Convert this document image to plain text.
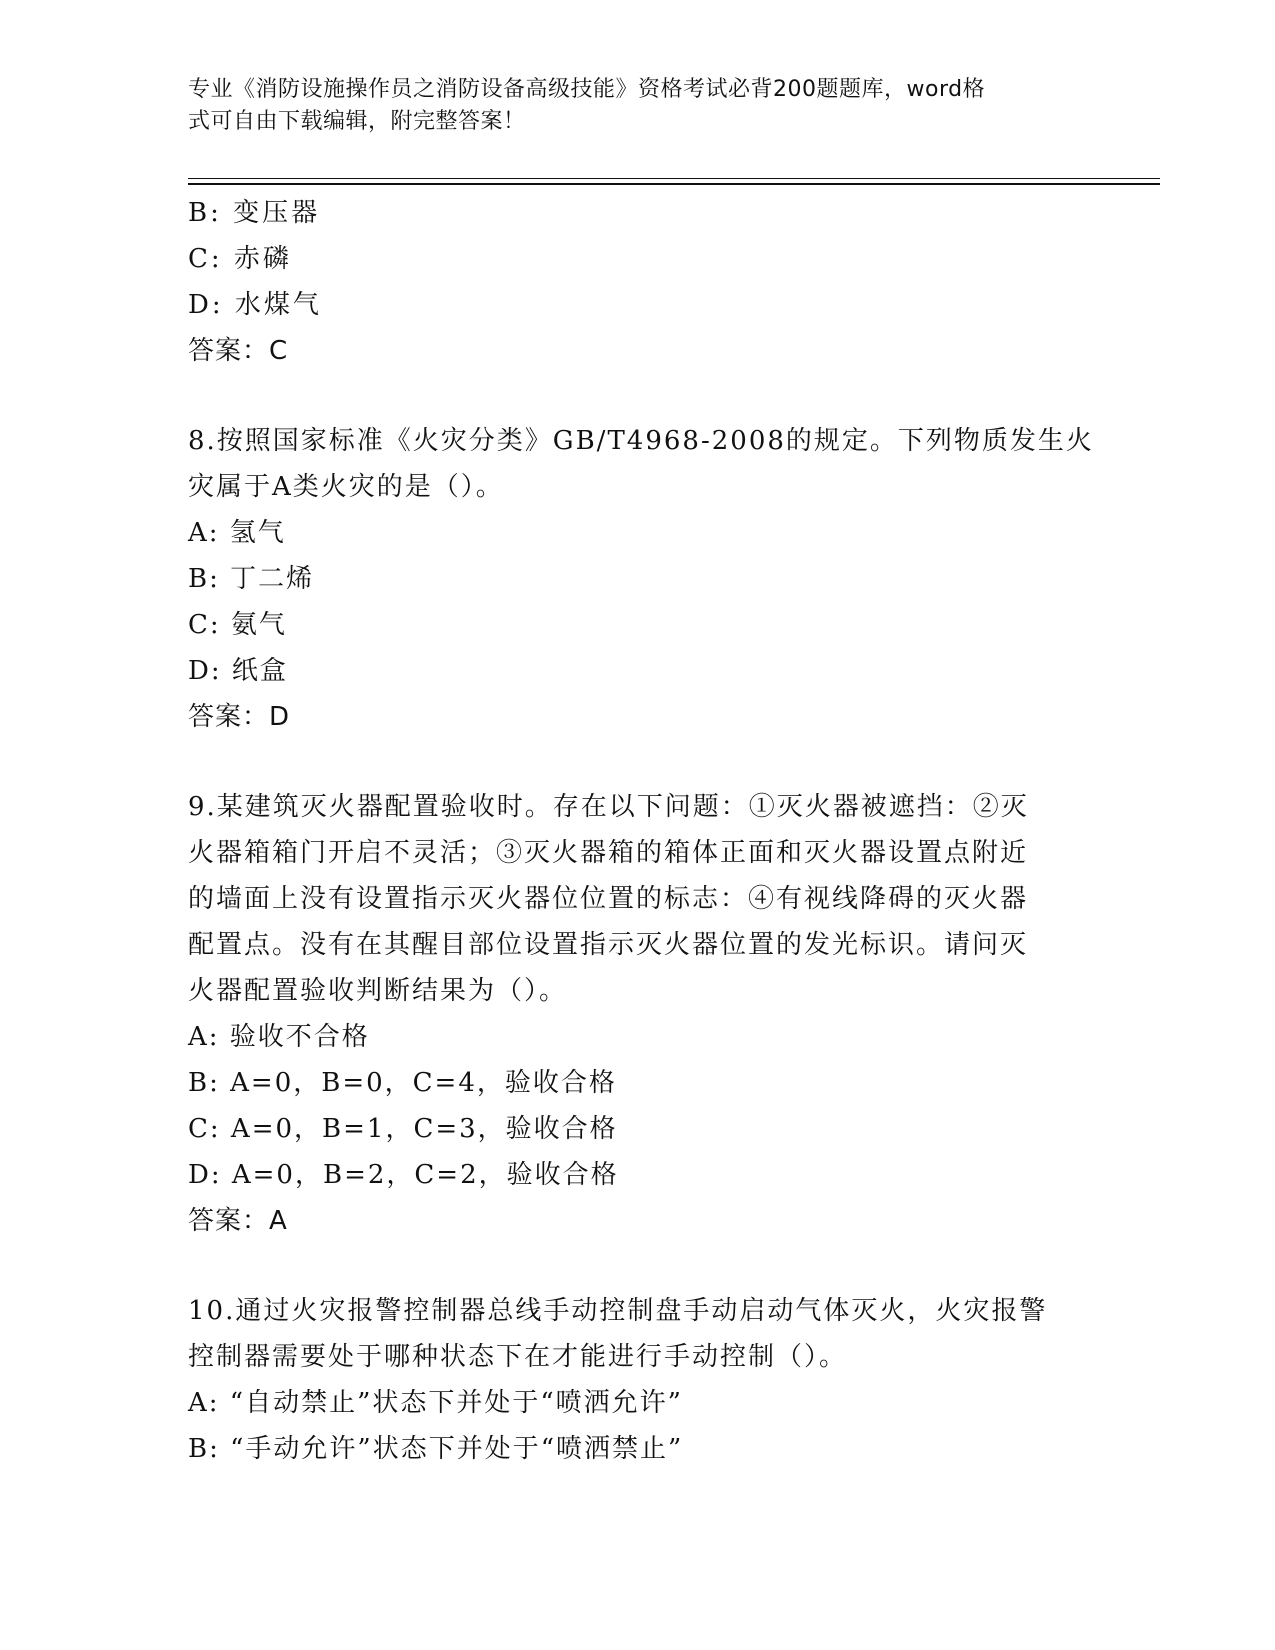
专业《消防设施操作员之消防设备高级技能》资格考试必背200题题库，word格
式可自由下载编辑，附完整答案！
B: 变压器
C: 赤磷
D: 水煤气
答案：C
8.按照国家标准《火灾分类》GB/T4968-2008的规定。下列物质发生火
灾属于A类火灾的是（）。
A: 氢气
B: 丁二烯
C: 氨气
D: 纸盒
答案：D
9.某建筑灭火器配置验收时。存在以下问题：①灭火器被遮挡：②灭
火器箱箱门开启不灵活；③灭火器箱的箱体正面和灭火器设置点附近
的墙面上没有设置指示灭火器位位置的标志：④有视线降碍的灭火器
配置点。没有在其醒目部位设置指示灭火器位置的发光标识。请问灭
火器配置验收判断结果为（）。
A: 验收不合格
B: A=0，B=0，C=4，验收合格
C: A=0，B=1，C=3，验收合格
D: A=0，B=2，C=2，验收合格
答案：A
10.通过火灾报警控制器总线手动控制盘手动启动气体灭火，火灾报警
控制器需要处于哪种状态下在才能进行手动控制（）。
A: “自动禁止”状态下并处于“喷洒允许”
B: “手动允许”状态下并处于“喷洒禁止”
